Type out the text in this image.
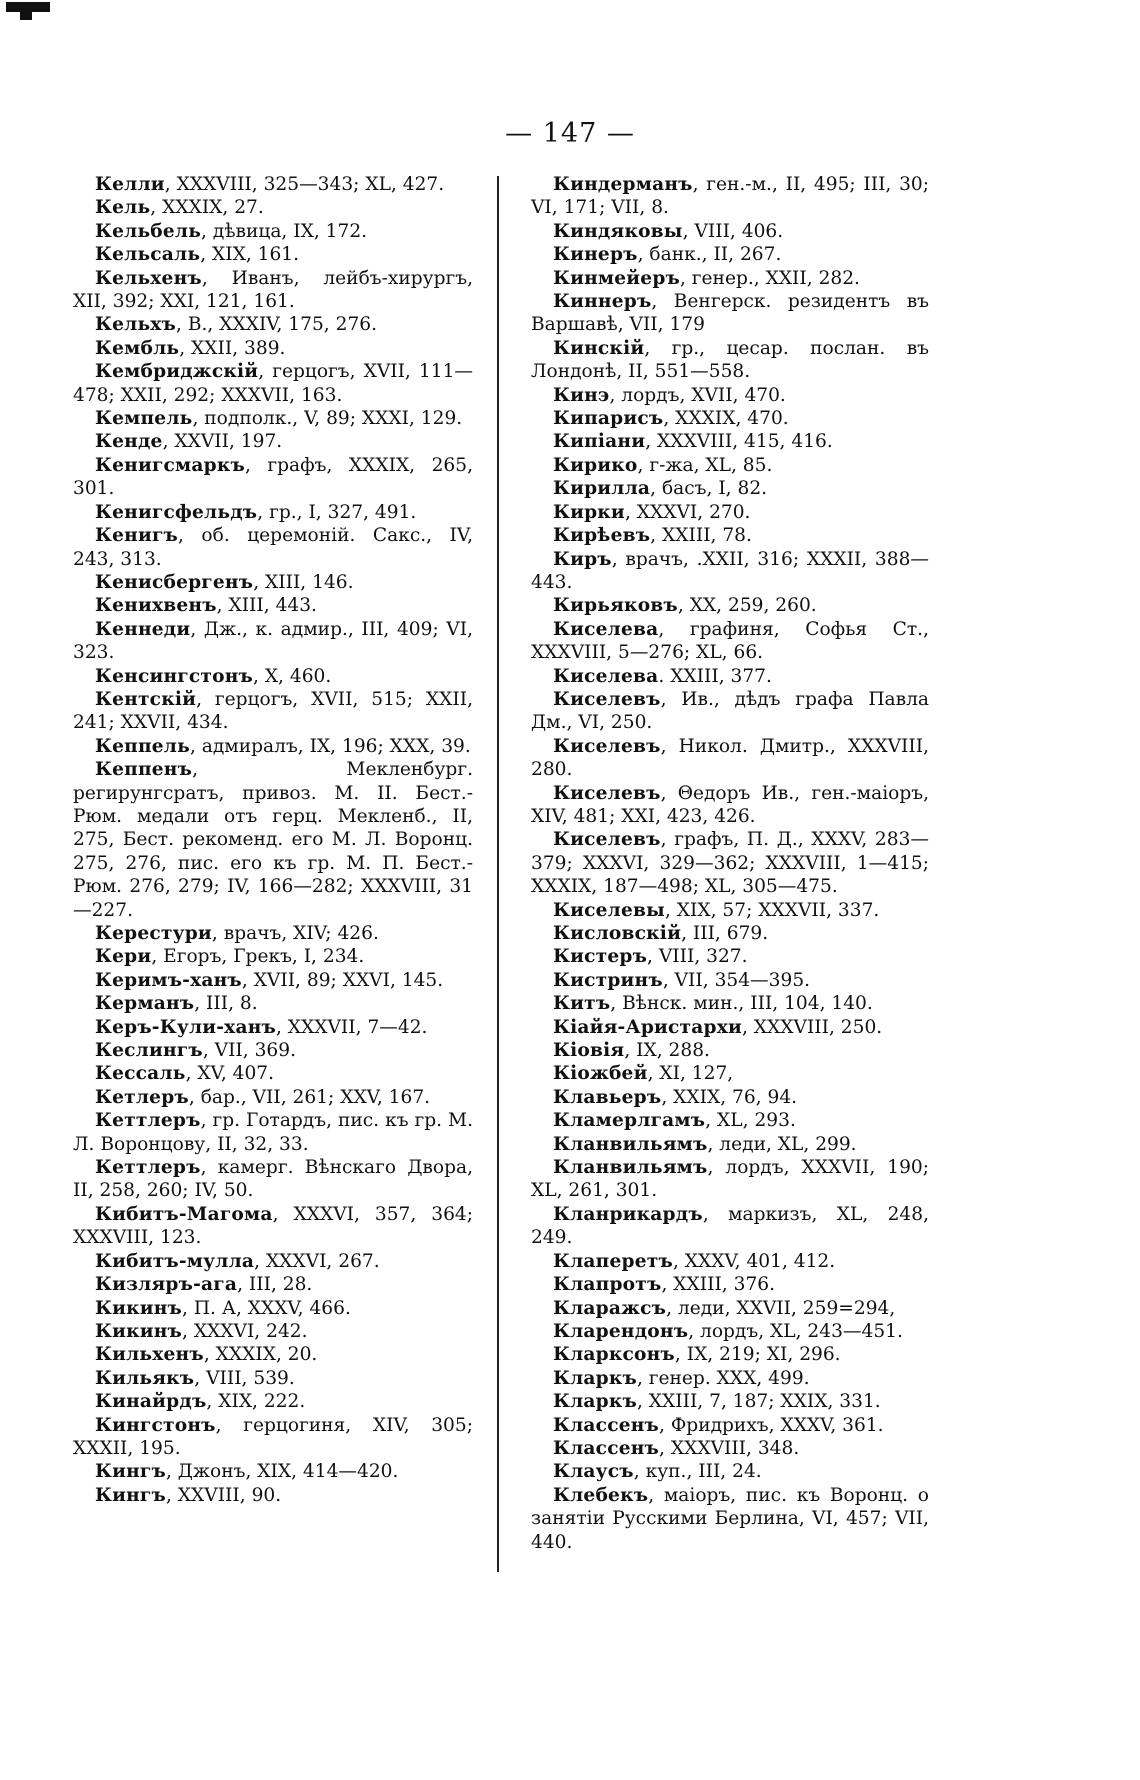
— 147 —

Келли, XXXVIII, 325—343; XL, 427.

Кель, XXXIX, 27.

Кельбель, дѣвица, IX, 172.

Кельсаль, XIX, 161.

Кельхенъ, Иванъ, лейбъ-хирургъ, XII, 392; XXI, 121, 161.

Кельхъ, В., XXXIV, 175, 276.

Кембль, XXII, 389.

Кембриджскій, герцогъ, XVII, 111—478; XXII, 292; XXXVII, 163.

Кемпель, подполк., V, 89; XXXI, 129.

Кенде, XXVII, 197.

Кенигсмаркъ, графъ, XXXIX, 265, 301.

Кенигсфельдъ, гр., I, 327, 491.

Кенигъ, об. церемоній. Сакс., IV, 243, 313.

Кенисбергенъ, XIII, 146.

Кенихвенъ, XIII, 443.

Кеннеди, Дж., к. адмир., III, 409; VI, 323.

Кенсингстонъ, X, 460.

Кентскій, герцогъ, XVII, 515; XXII, 241; XXVII, 434.

Кеппель, адмиралъ, IX, 196; XXX, 39.

Кеппенъ, Мекленбург. регирунгсратъ, привоз. М. II. Бест.-Рюм. медали отъ герц. Мекленб., II, 275, Бест. рекоменд. его М. Л. Воронц. 275, 276, пис. его къ гр. М. П. Бест.-Рюм. 276, 279; IV, 166—282; XXXVIII, 31—227.

Керестури, врачъ, XIV; 426.

Кери, Егоръ, Грекъ, I, 234.

Керимъ-ханъ, XVII, 89; XXVI, 145.

Керманъ, III, 8.

Керъ-Кули-ханъ, XXXVII, 7—42.

Кеслингъ, VII, 369.

Кессаль, XV, 407.

Кетлеръ, бар., VII, 261; XXV, 167.

Кеттлеръ, гр. Готардъ, пис. къ гр. М. Л. Воронцову, II, 32, 33.

Кеттлеръ, камерг. Вѣнскаго Двора, II, 258, 260; IV, 50.

Кибитъ-Магома, XXXVI, 357, 364; XXXVIII, 123.

Кибитъ-мулла, XXXVI, 267.

Кизляръ-ага, III, 28.

Кикинъ, П. А, XXXV, 466.

Кикинъ, XXXVI, 242.

Кильхенъ, XXXIX, 20.

Кильякъ, VIII, 539.

Кинайрдъ, XIX, 222.

Кингстонъ, герцогиня, XIV, 305; XXXII, 195.

Кингъ, Джонъ, XIX, 414—420.

Кингъ, XXVIII, 90.

Киндерманъ, ген.-м., II, 495; III, 30; VI, 171; VII, 8.

Киндяковы, VIII, 406.

Кинеръ, банк., II, 267.

Кинмейеръ, генер., XXII, 282.

Киннеръ, Венгерск. резидентъ въ Варшавѣ, VII, 179

Кинскій, гр., цесар. послан. въ Лондонѣ, II, 551—558.

Кинэ, лордъ, XVII, 470.

Кипарисъ, XXXIX, 470.

Кипіани, XXXVIII, 415, 416.

Кирико, г-жа, XL, 85.

Кирилла, басъ, I, 82.

Кирки, XXXVI, 270.

Кирѣевъ, XXIII, 78.

Киръ, врачъ, .XXII, 316; XXXII, 388—443.

Кирьяковъ, XX, 259, 260.

Киселева, графиня, Софья Ст., XXXVIII, 5—276; XL, 66.

Киселева. XXIII, 377.

Киселевъ, Ив., дѣдъ графа Павла Дм., VI, 250.

Киселевъ, Никол. Дмитр., XXXVIII, 280.

Киселевъ, Θедоръ Ив., ген.-маіоръ, XIV, 481; XXI, 423, 426.

Киселевъ, графъ, П. Д., XXXV, 283—379; XXXVI, 329—362; XXXVIII, 1—415; XXXIX, 187—498; XL, 305—475.

Киселевы, XIX, 57; XXXVII, 337.

Кисловскій, III, 679.

Кистеръ, VIII, 327.

Кистринъ, VII, 354—395.

Китъ, Вѣнск. мин., III, 104, 140.

Кіайя-Аристархи, XXXVIII, 250.

Кіовія, IX, 288.

Кіожбей, XI, 127,

Клавьеръ, XXIX, 76, 94.

Кламерлгамъ, XL, 293.

Кланвильямъ, леди, XL, 299.

Кланвильямъ, лордъ, XXXVII, 190; XL, 261, 301.

Кланрикардъ, маркизъ, XL, 248, 249.

Клаперетъ, XXXV, 401, 412.

Клапротъ, XXIII, 376.

Кларажсъ, леди, XXVII, 259=294,

Кларендонъ, лордъ, XL, 243—451.

Кларксонъ, IX, 219; XI, 296.

Кларкъ, генер. XXX, 499.

Кларкъ, XXIII, 7, 187; XXIX, 331.

Классенъ, Фридрихъ, XXXV, 361.

Классенъ, XXXVIII, 348.

Клаусъ, куп., III, 24.

Клебекъ, маіоръ, пис. къ Воронц. о занятіи Русскими Берлина, VI, 457; VII, 440.
